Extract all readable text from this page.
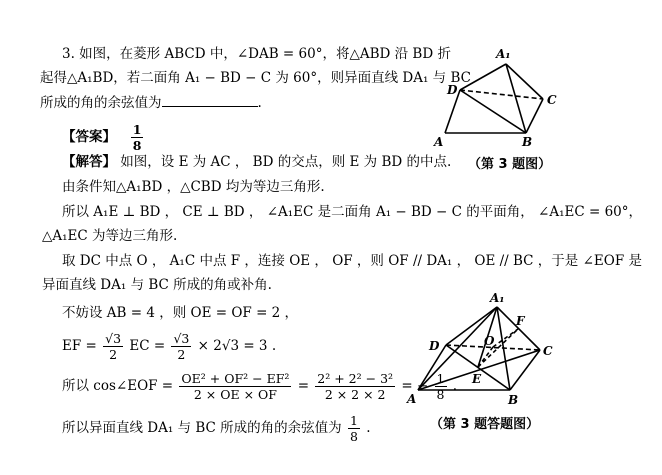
3. 如图，在菱形 ABCD 中，∠DAB = 60°，将△ABD 沿 BD 折
起得△A₁BD，若二面角 A₁ − BD − C 为 60°，则异面直线 DA₁ 与 BC
所成的角的余弦值为	.
【答案】 $\frac{1}{8}$
【解答】 如图，设 E 为 AC ， BD 的交点，则 E 为 BD 的中点.
由条件知△A₁BD ，△CBD 均为等边三角形.
所以 A₁E ⊥ BD ， CE ⊥ BD ， ∠A₁EC 是二面角 A₁ − BD − C 的平面角， ∠A₁EC = 60°，
△A₁EC 为等边三角形.
取 DC 中点 O ， A₁C 中点 F ，连接 OE ， OF ，则 OF // DA₁ ， OE // BC ，于是 ∠EOF 是
异面直线 DA₁ 与 BC 所成的角或补角.
不妨设 AB = 4 ，则 OE = OF = 2 ，
EF = $\frac{√3}{2}$ EC = $\frac{√3}{2} \times 2√3 = 3$ .
所以 cos∠EOF = $\frac{\text{OE² + OF² − EF²}}{2 \times OE \times OF} = \frac{\text{2² + 2² − 3²}}{2 \times 2 \times 2}$ = − $\frac{1}{8}$ .
所以异面直线 DA₁ 与 BC 所成的角的余弦值为 $\frac{1}{8}$ .
A₁
D
C
A	B
A₁
F
D	O
C
E
A	B
（第 3 题图）
（第 3 题答题图）
